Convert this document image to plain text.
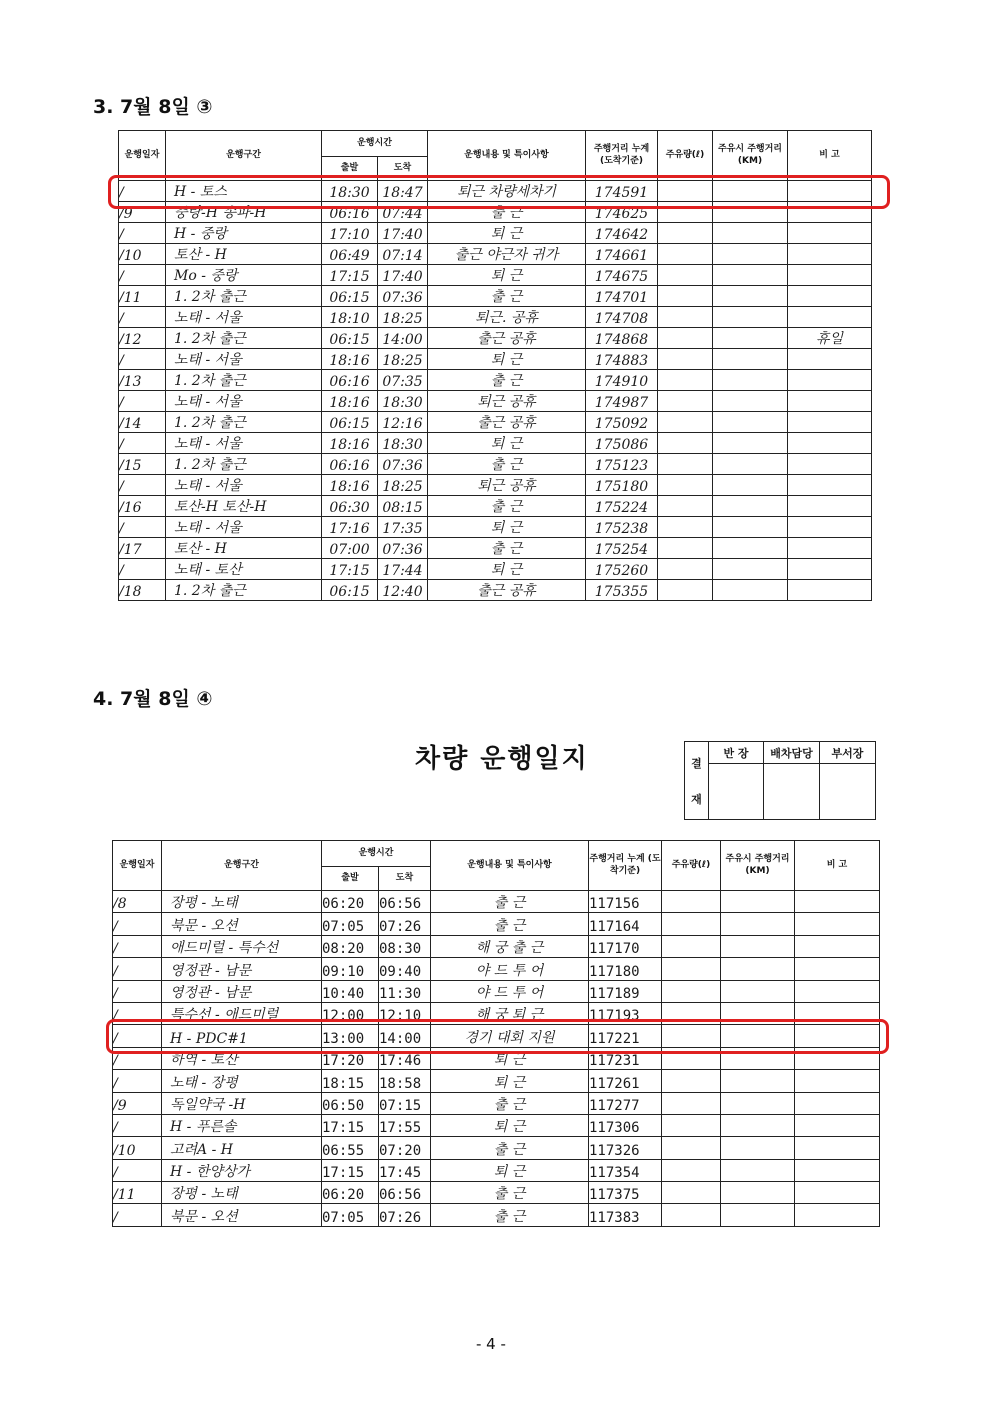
3. 7월 8일 ③
운행일자	운행구간	운행시간		운행내용 및 특이사항	주행거리 누계 (도착기준)	주유량(ℓ)	주유시 주행거리 (KM)	비 고
		출발	도착					
/	H - 토스	18:30	18:47	퇴근 차량세차기	174591			
/9	중랑-H 송파-H	06:16	07:44	출 근	174625			
/	H - 중랑	17:10	17:40	퇴 근	174642			
/10	토산 - H	06:49	07:14	출근 야근자 귀가	174661			
/	Mo - 중랑	17:15	17:40	퇴 근	174675			
/11	1. 2차 출근	06:15	07:36	출 근	174701			
/	노태 - 서울	18:10	18:25	퇴근. 공휴	174708			
/12	1. 2차 출근	06:15	14:00	출근 공휴	174868			휴일
/	노태 - 서울	18:16	18:25	퇴 근	174883			
/13	1. 2차 출근	06:16	07:35	출 근	174910			
/	노태 - 서울	18:16	18:30	퇴근 공휴	174987			
/14	1. 2차 출근	06:15	12:16	출근 공휴	175092			
/	노태 - 서울	18:16	18:30	퇴 근	175086			
/15	1. 2차 출근	06:16	07:36	출 근	175123			
/	노태 - 서울	18:16	18:25	퇴근 공휴	175180			
/16	토산-H 토산-H	06:30	08:15	출 근	175224			
/	노태 - 서울	17:16	17:35	퇴 근	175238			
/17	토산 - H	07:00	07:36	출 근	175254			
/	노태 - 토산	17:15	17:44	퇴 근	175260			
/18	1. 2차 출근	06:15	12:40	출근 공휴	175355			
4. 7월 8일 ④
차량 운행일지	결
재	반 장	배차담당	부서장

운행일자	운행구간	운행시간		운행내용 및 특이사항	주행거리 누계 (도착기준)	주유량(ℓ)	주유시 주행거리 (KM)	비 고
		출발	도착					
/8	장평 - 노태	06:20	06:56	출 근	117156			
/	북문 - 오션	07:05	07:26	출 근	117164			
/	애드미럴 - 특수선	08:20	08:30	해 궁 출 근	117170			
/	영정관 - 남문	09:10	09:40	야 드 투 어	117180			
/	영정관 - 남문	10:40	11:30	야 드 투 어	117189			
/	특수선 - 애드미럴	12:00	12:10	해 궁 퇴 근	117193			
/	H - PDC#1	13:00	14:00	경기 대회 지원	117221			
/	하역 - 토산	17:20	17:46	퇴 근	117231			
/	노태 - 장평	18:15	18:58	퇴 근	117261			
/9	독일약국 -H	06:50	07:15	출 근	117277			
/	H - 푸른솔	17:15	17:55	퇴 근	117306			
/10	고려A - H	06:55	07:20	출 근	117326			
/	H - 한양상가	17:15	17:45	퇴 근	117354			
/11	장평 - 노태	06:20	06:56	출 근	117375			
/	북문 - 오션	07:05	07:26	출 근	117383			
- 4 -
